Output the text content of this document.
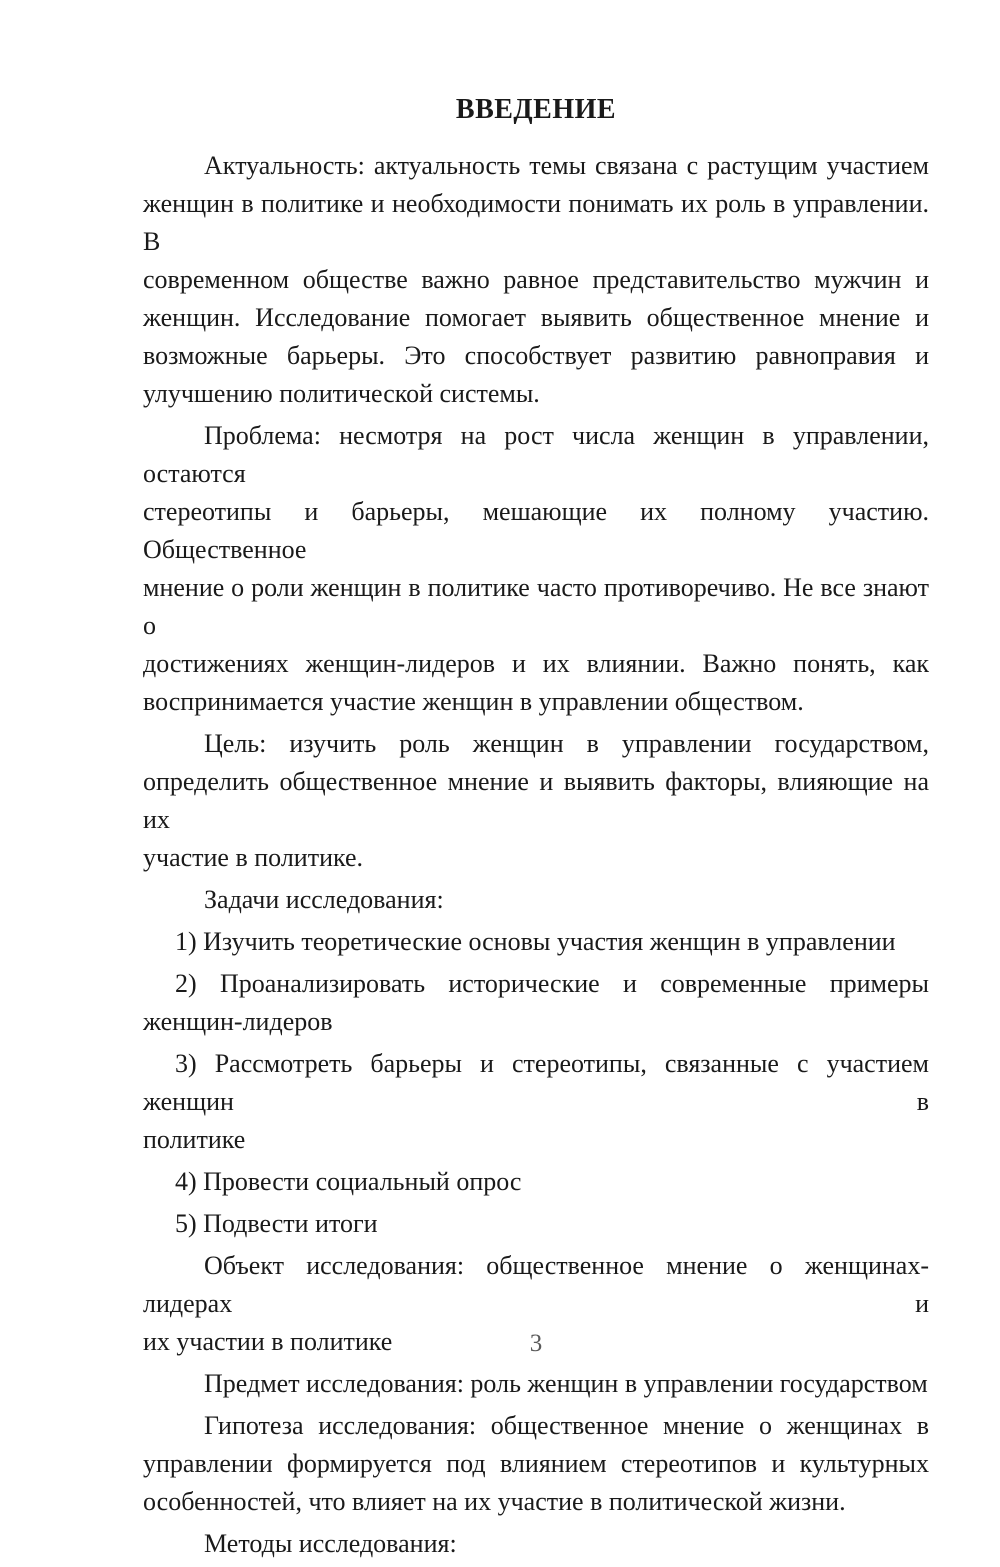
ВВЕДЕНИЕ
Актуальность: актуальность темы связана с растущим участием
женщин в политике и необходимости понимать их роль в управлении. В
современном обществе важно равное представительство мужчин и
женщин. Исследование помогает выявить общественное мнение и
возможные барьеры. Это способствует развитию равноправия и
улучшению политической системы.
Проблема: несмотря на рост числа женщин в управлении, остаются
стереотипы и барьеры, мешающие их полному участию. Общественное
мнение о роли женщин в политике часто противоречиво. Не все знают о
достижениях женщин-лидеров и их влиянии. Важно понять, как
воспринимается участие женщин в управлении обществом.
Цель: изучить роль женщин в управлении государством,
определить общественное мнение и выявить факторы, влияющие на их
участие в политике.
Задачи исследования:
1) Изучить теоретические основы участия женщин в управлении
2) Проанализировать исторические и современные примеры
женщин-лидеров
3) Рассмотреть барьеры и стереотипы, связанные с участием женщин в
политике
4) Провести социальный опрос
5) Подвести итоги
Объект исследования: общественное мнение о женщинах-лидерах и
их участии в политике
Предмет исследования: роль женщин в управлении государством
Гипотеза исследования: общественное мнение о женщинах в
управлении формируется под влиянием стереотипов и культурных
особенностей, что влияет на их участие в политической жизни.
Методы исследования:
3
